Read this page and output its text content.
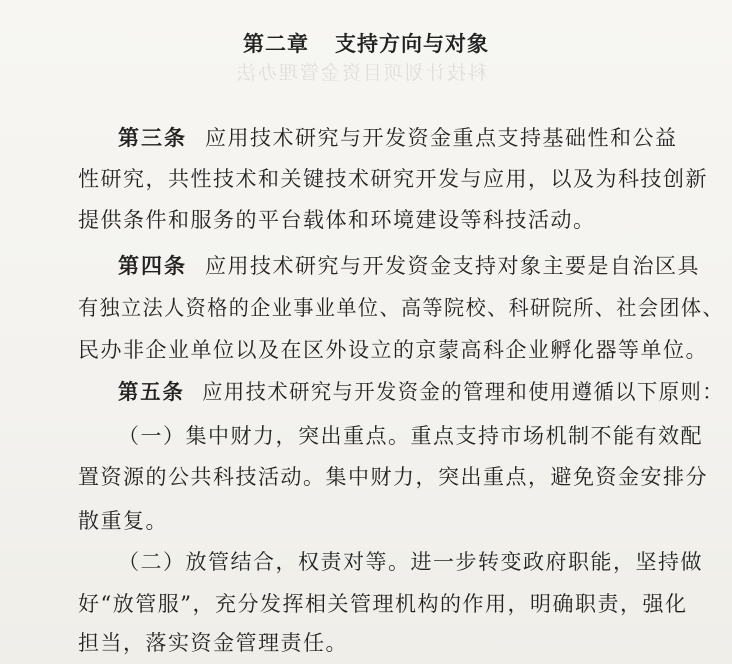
科技计划项目资金管理办法
第二章 支持方向与对象
第三条 应用技术研究与开发资金重点支持基础性和公益
性研究，共性技术和关键技术研究开发与应用，以及为科技创新
提供条件和服务的平台载体和环境建设等科技活动。
第四条 应用技术研究与开发资金支持对象主要是自治区具
有独立法人资格的企业事业单位、高等院校、科研院所、社会团体、
民办非企业单位以及在区外设立的京蒙高科企业孵化器等单位。
第五条 应用技术研究与开发资金的管理和使用遵循以下原则：
（一）集中财力，突出重点。重点支持市场机制不能有效配
置资源的公共科技活动。集中财力，突出重点，避免资金安排分
散重复。
（二）放管结合，权责对等。进一步转变政府职能，坚持做
好“放管服”，充分发挥相关管理机构的作用，明确职责，强化
担当，落实资金管理责任。
